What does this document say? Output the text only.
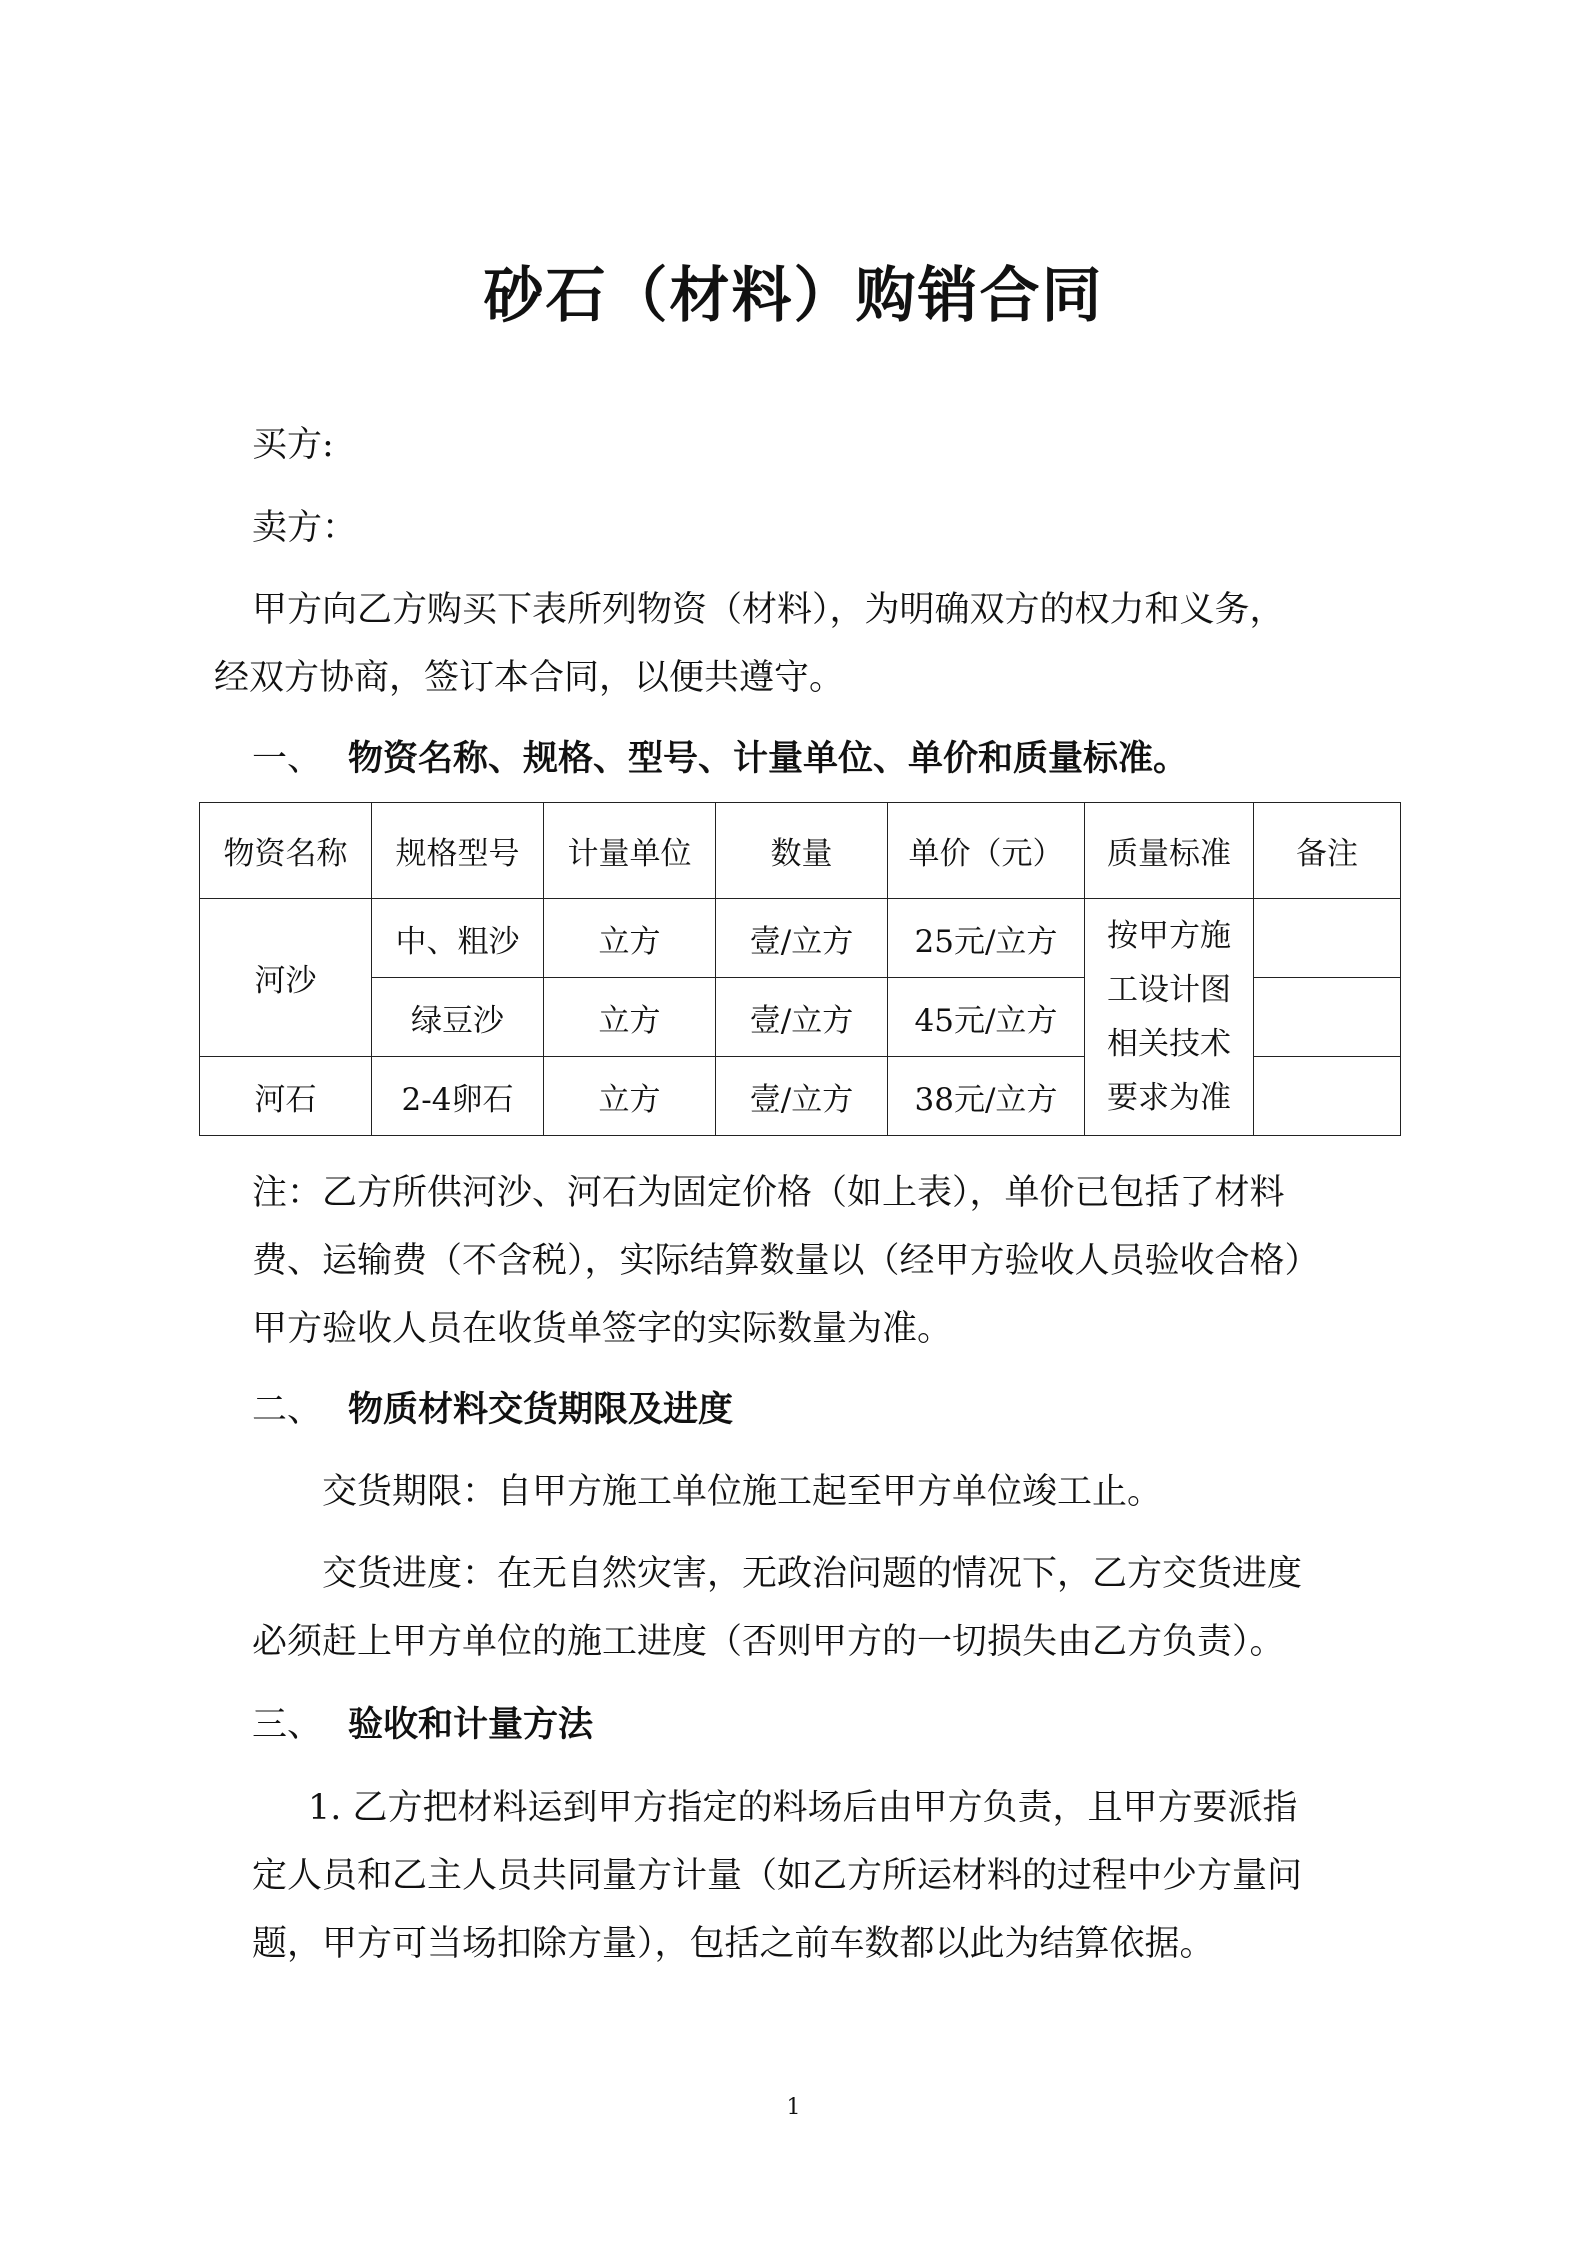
砂石（材料）购销合同

买方:

卖方：

甲方向乙方购买下表所列物资（材料），为明确双方的权力和义务，

经双方协商，签订本合同，以便共遵守。

一、 物资名称、规格、型号、计量单位、单价和质量标准。

物资名称	规格型号	计量单位	数量	单价（元）	质量标准	备注
河沙	中、粗沙	立方	壹/立方	25元/立方	按甲方施
工设计图
相关技术
要求为准	
	绿豆沙	立方	壹/立方	45元/立方		
河石	2-4卵石	立方	壹/立方	38元/立方		

注：乙方所供河沙、河石为固定价格（如上表），单价已包括了材料

费、运输费（不含税），实际结算数量以（经甲方验收人员验收合格）

甲方验收人员在收货单签字的实际数量为准。

二、 物质材料交货期限及进度

交货期限：自甲方施工单位施工起至甲方单位竣工止。

交货进度：在无自然灾害，无政治问题的情况下，乙方交货进度

必须赶上甲方单位的施工进度（否则甲方的一切损失由乙方负责）。

三、 验收和计量方法

1. 乙方把材料运到甲方指定的料场后由甲方负责，且甲方要派指

定人员和乙主人员共同量方计量（如乙方所运材料的过程中少方量问

题，甲方可当场扣除方量），包括之前车数都以此为结算依据。

1
